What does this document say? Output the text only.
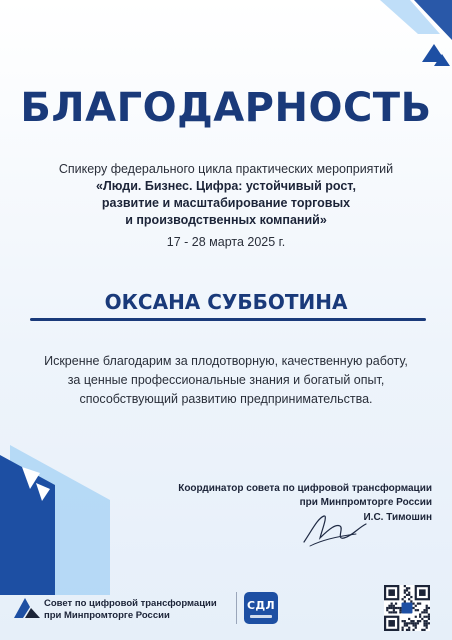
БЛАГОДАРНОСТЬ
Спикеру федерального цикла практических мероприятий
«Люди. Бизнес. Цифра: устойчивый рост,
развитие и масштабирование торговых
и производственных компаний»
17 - 28 марта 2025 г.
ОКСАНА СУББОТИНА
Искренне благодарим за плодотворную, качественную работу,
за ценные профессиональные знания и богатый опыт,
способствующий развитию предпринимательства.
Координатор совета по цифровой трансформации
при Минпромторге России
И.С. Тимошин
Совет по цифровой трансформации
при Минпромторге России
СДЛ
